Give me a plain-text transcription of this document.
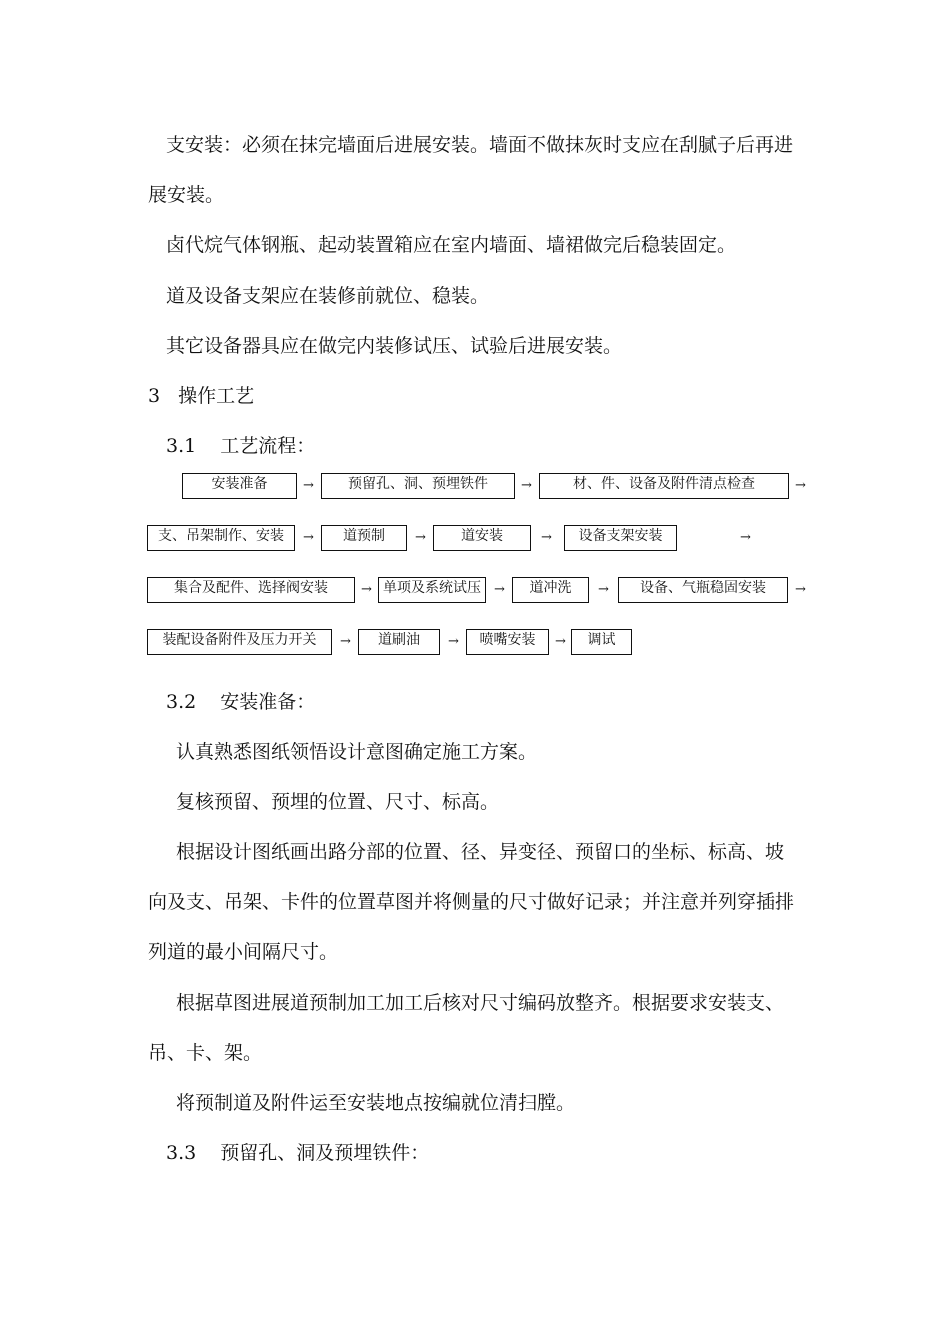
支安装：必须在抹完墙面后进展安装。墙面不做抹灰时支应在刮腻子后再进
展安装。
卤代烷气体钢瓶、起动装置箱应在室内墙面、墙裙做完后稳装固定。
道及设备支架应在装修前就位、稳装。
其它设备器具应在做完内装修试压、试验后进展安装。
3 操作工艺
3.1 工艺流程：
安装准备	→	预留孔、洞、预埋铁件	→	材、件、设备及附件清点检查	→
支、吊架制作、安装	→	道预制	→	道安装	→	设备支架安装	→
集合及配件、选择阀安装	→ 单项及系统试压	→	道冲洗	→	设备、气瓶稳固安装	→
装配设备附件及压力开关	→	道刷油	→	喷嘴安装	→	调试
3.2 安装准备：
认真熟悉图纸领悟设计意图确定施工方案。
复核预留、预埋的位置、尺寸、标高。
根据设计图纸画出路分部的位置、径、异变径、预留口的坐标、标高、坡
向及支、吊架、卡件的位置草图并将侧量的尺寸做好记录；并注意并列穿插排
列道的最小间隔尺寸。
根据草图进展道预制加工加工后核对尺寸编码放整齐。根据要求安装支、
吊、卡、架。
将预制道及附件运至安装地点按编就位清扫膛。
3.3 预留孔、洞及预埋铁件：
